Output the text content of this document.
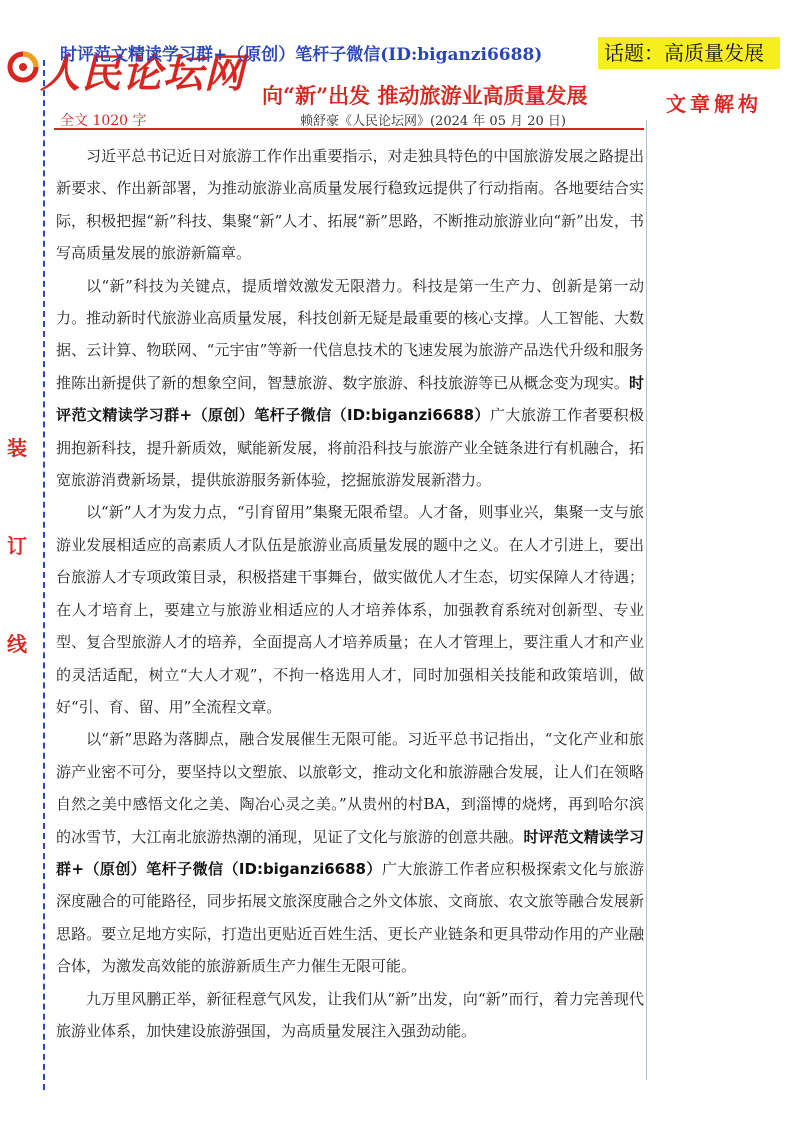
人民论坛网
时评范文精读学习群+（原创）笔杆子微信(ID:biganzi6688)	话题：高质量发展
向“新”出发 推动旅游业高质量发展	文章解构
全文 1020 字	赖舒豪《人民论坛网》(2024 年 05 月 20 日)
装
订
线

习近平总书记近日对旅游工作作出重要指示，对走独具特色的中国旅游发展之路提出新要求、作出新部署，为推动旅游业高质量发展行稳致远提供了行动指南。各地要结合实际，积极把握“新”科技、集聚“新”人才、拓展“新”思路，不断推动旅游业向“新”出发，书写高质量发展的旅游新篇章。

以“新”科技为关键点，提质增效激发无限潜力。科技是第一生产力、创新是第一动力。推动新时代旅游业高质量发展，科技创新无疑是最重要的核心支撑。人工智能、大数据、云计算、物联网、“元宇宙”等新一代信息技术的飞速发展为旅游产品迭代升级和服务推陈出新提供了新的想象空间，智慧旅游、数字旅游、科技旅游等已从概念变为现实。时评范文精读学习群+（原创）笔杆子微信（ID:biganzi6688）广大旅游工作者要积极拥抱新科技，提升新质效，赋能新发展，将前沿科技与旅游产业全链条进行有机融合，拓宽旅游消费新场景，提供旅游服务新体验，挖掘旅游发展新潜力。

以“新”人才为发力点，“引育留用”集聚无限希望。人才备，则事业兴，集聚一支与旅游业发展相适应的高素质人才队伍是旅游业高质量发展的题中之义。在人才引进上，要出台旅游人才专项政策目录，积极搭建干事舞台，做实做优人才生态，切实保障人才待遇；在人才培育上，要建立与旅游业相适应的人才培养体系，加强教育系统对创新型、专业型、复合型旅游人才的培养，全面提高人才培养质量；在人才管理上，要注重人才和产业的灵活适配，树立“大人才观”，不拘一格选用人才，同时加强相关技能和政策培训，做好“引、育、留、用”全流程文章。

以“新”思路为落脚点，融合发展催生无限可能。习近平总书记指出，“文化产业和旅游产业密不可分，要坚持以文塑旅、以旅彰文，推动文化和旅游融合发展，让人们在领略自然之美中感悟文化之美、陶冶心灵之美。”从贵州的村BA，到淄博的烧烤，再到哈尔滨的冰雪节，大江南北旅游热潮的涌现，见证了文化与旅游的创意共融。时评范文精读学习群+（原创）笔杆子微信（ID:biganzi6688）广大旅游工作者应积极探索文化与旅游深度融合的可能路径，同步拓展文旅深度融合之外文体旅、文商旅、农文旅等融合发展新思路。要立足地方实际，打造出更贴近百姓生活、更长产业链条和更具带动作用的产业融合体，为激发高效能的旅游新质生产力催生无限可能。

九万里风鹏正举，新征程意气风发，让我们从“新”出发，向“新”而行，着力完善现代旅游业体系，加快建设旅游强国，为高质量发展注入强劲动能。
